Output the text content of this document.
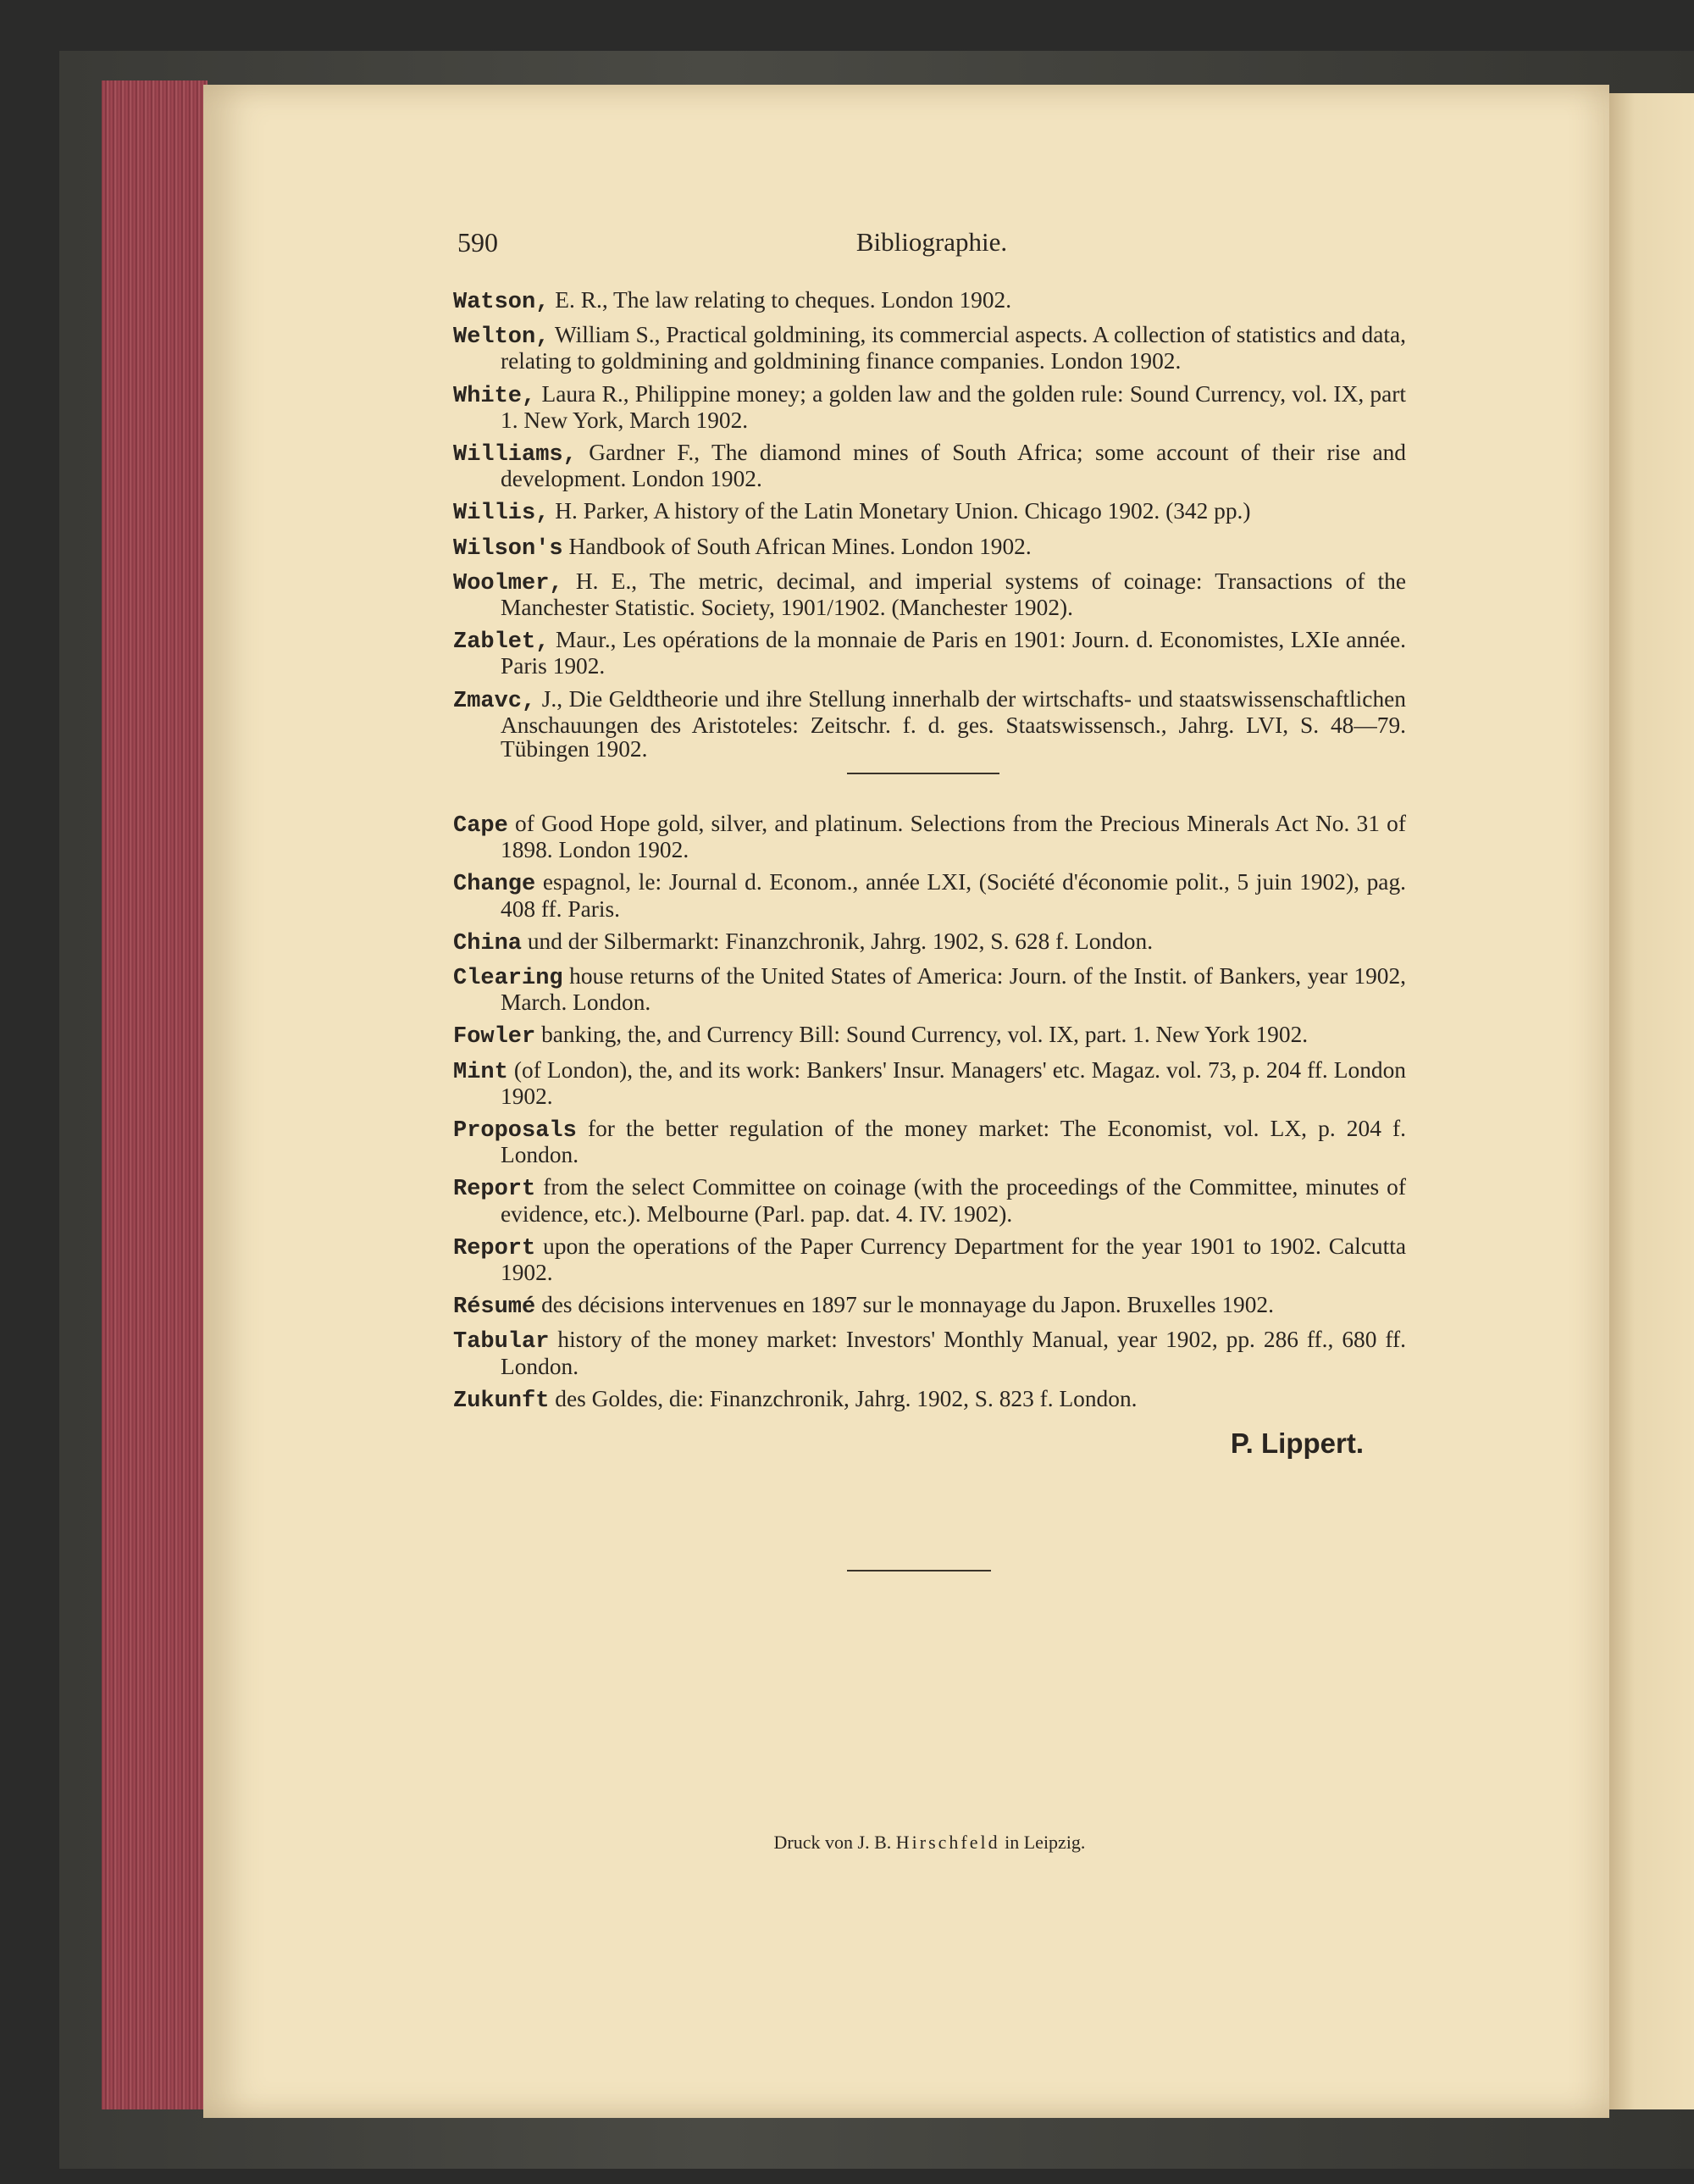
590	Bibliographie.
Watson, E. R., The law relating to cheques. London 1902.
Welton, William S., Practical goldmining, its commercial aspects. A collection of statistics and data, relating to goldmining and goldmining finance companies. London 1902.
White, Laura R., Philippine money; a golden law and the golden rule: Sound Currency, vol. IX, part 1. New York, March 1902.
Williams, Gardner F., The diamond mines of South Africa; some account of their rise and development. London 1902.
Willis, H. Parker, A history of the Latin Monetary Union. Chicago 1902. (342 pp.)
Wilson's Handbook of South African Mines. London 1902.
Woolmer, H. E., The metric, decimal, and imperial systems of coinage: Transactions of the Manchester Statistic. Society, 1901/1902. (Manchester 1902).
Zablet, Maur., Les opérations de la monnaie de Paris en 1901: Journ. d. Economistes, LXIe année. Paris 1902.
Zmavc, J., Die Geldtheorie und ihre Stellung innerhalb der wirtschafts- und staatswissenschaftlichen Anschauungen des Aristoteles: Zeitschr. f. d. ges. Staatswissensch., Jahrg. LVI, S. 48—79. Tübingen 1902.
Cape of Good Hope gold, silver, and platinum. Selections from the Precious Minerals Act No. 31 of 1898. London 1902.
Change espagnol, le: Journal d. Econom., année LXI, (Société d'économie polit., 5 juin 1902), pag. 408 ff. Paris.
China und der Silbermarkt: Finanzchronik, Jahrg. 1902, S. 628 f. London.
Clearing house returns of the United States of America: Journ. of the Instit. of Bankers, year 1902, March. London.
Fowler banking, the, and Currency Bill: Sound Currency, vol. IX, part. 1. New York 1902.
Mint (of London), the, and its work: Bankers' Insur. Managers' etc. Magaz. vol. 73, p. 204 ff. London 1902.
Proposals for the better regulation of the money market: The Economist, vol. LX, p. 204 f. London.
Report from the select Committee on coinage (with the proceedings of the Committee, minutes of evidence, etc.). Melbourne (Parl. pap. dat. 4. IV. 1902).
Report upon the operations of the Paper Currency Department for the year 1901 to 1902. Calcutta 1902.
Résumé des décisions intervenues en 1897 sur le monnayage du Japon. Bruxelles 1902.
Tabular history of the money market: Investors' Monthly Manual, year 1902, pp. 286 ff., 680 ff. London.
Zukunft des Goldes, die: Finanzchronik, Jahrg. 1902, S. 823 f. London.
P. Lippert.
Druck von J. B. Hirschfeld in Leipzig.
